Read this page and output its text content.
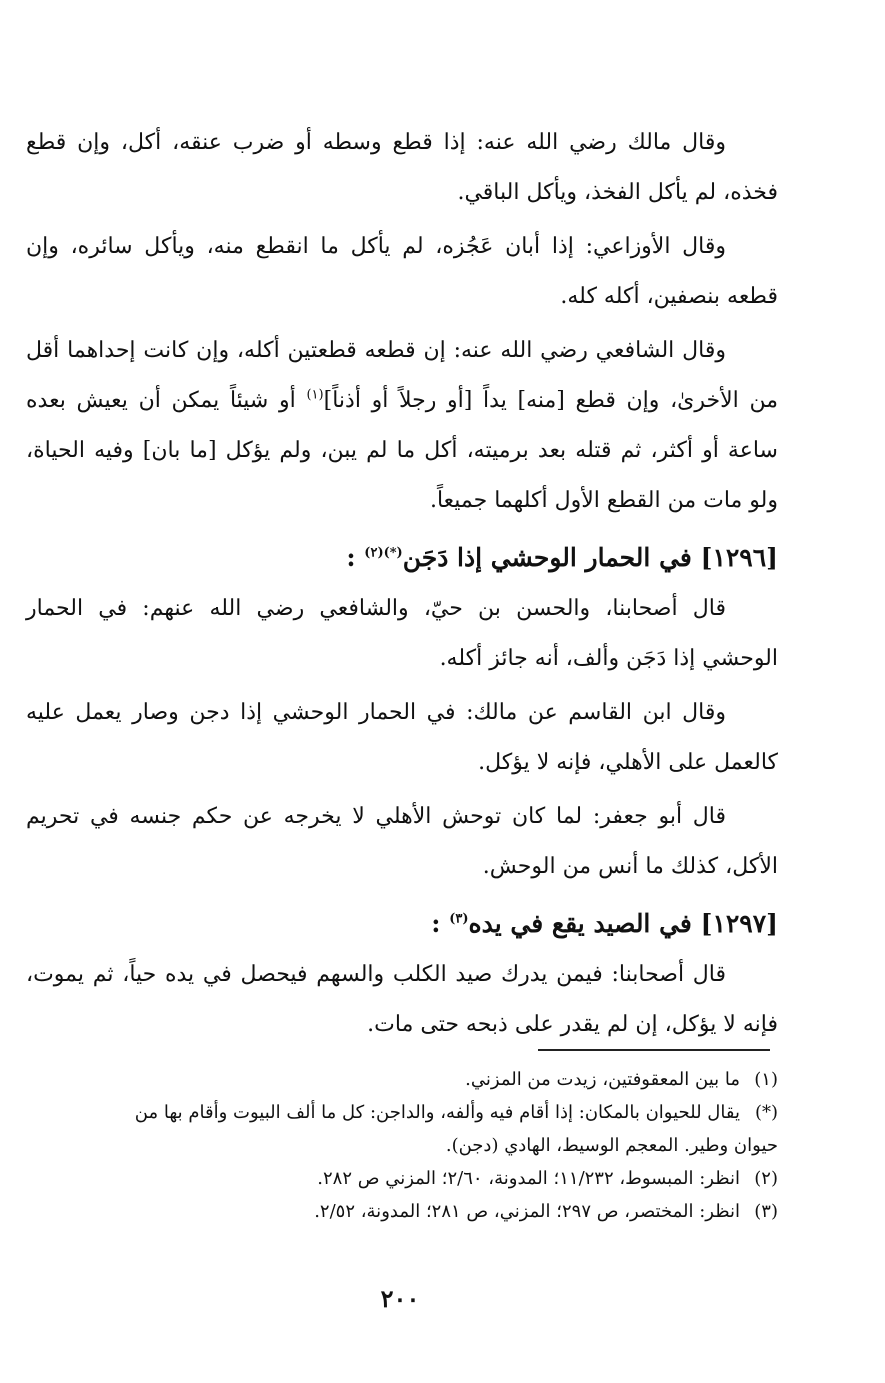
وقال مالك رضي الله عنه: إذا قطع وسطه أو ضرب عنقه، أكل، وإن قطع فخذه، لم يأكل الفخذ، ويأكل الباقي.

وقال الأوزاعي: إذا أبان عَجُزه، لم يأكل ما انقطع منه، ويأكل سائره، وإن قطعه بنصفين، أكله كله.

وقال الشافعي رضي الله عنه: إن قطعه قطعتين أكله، وإن كانت إحداهما أقل من الأخرىٰ، وإن قطع [منه] يداً [أو رجلاً أو أذناً]$^{(١)}$ أو شيئاً يمكن أن يعيش بعده ساعة أو أكثر، ثم قتله بعد برميته، أكل ما لم يبن، ولم يؤكل [ما بان] وفيه الحياة، ولو مات من القطع الأول أكلهما جميعاً.

[١٢٩٦] في الحمار الوحشي إذا دَجَن$^{(*)(٢)}$ :

قال أصحابنا، والحسن بن حيّ، والشافعي رضي الله عنهم: في الحمار الوحشي إذا دَجَن وألف، أنه جائز أكله.

وقال ابن القاسم عن مالك: في الحمار الوحشي إذا دجن وصار يعمل عليه كالعمل على الأهلي، فإنه لا يؤكل.

قال أبو جعفر: لما كان توحش الأهلي لا يخرجه عن حكم جنسه في تحريم الأكل، كذلك ما أنس من الوحش.

[١٢٩٧] في الصيد يقع في يده$^{(٣)}$ :

قال أصحابنا: فيمن يدرك صيد الكلب والسهم فيحصل في يده حياً، ثم يموت، فإنه لا يؤكل، إن لم يقدر على ذبحه حتى مات.

(١)ما بين المعقوفتين، زيدت من المزني.

(*)يقال للحيوان بالمكان: إذا أقام فيه وألفه، والداجن: كل ما ألف البيوت وأقام بها من

حيوان وطير. المعجم الوسيط، الهادي (دجن).

(٢)انظر: المبسوط، ١١/٢٣٢؛ المدونة، ٢/٦٠؛ المزني ص ٢٨٢.

(٣)انظر: المختصر، ص ٢٩٧؛ المزني، ص ٢٨١؛ المدونة، ٢/٥٢.

٢٠٠
